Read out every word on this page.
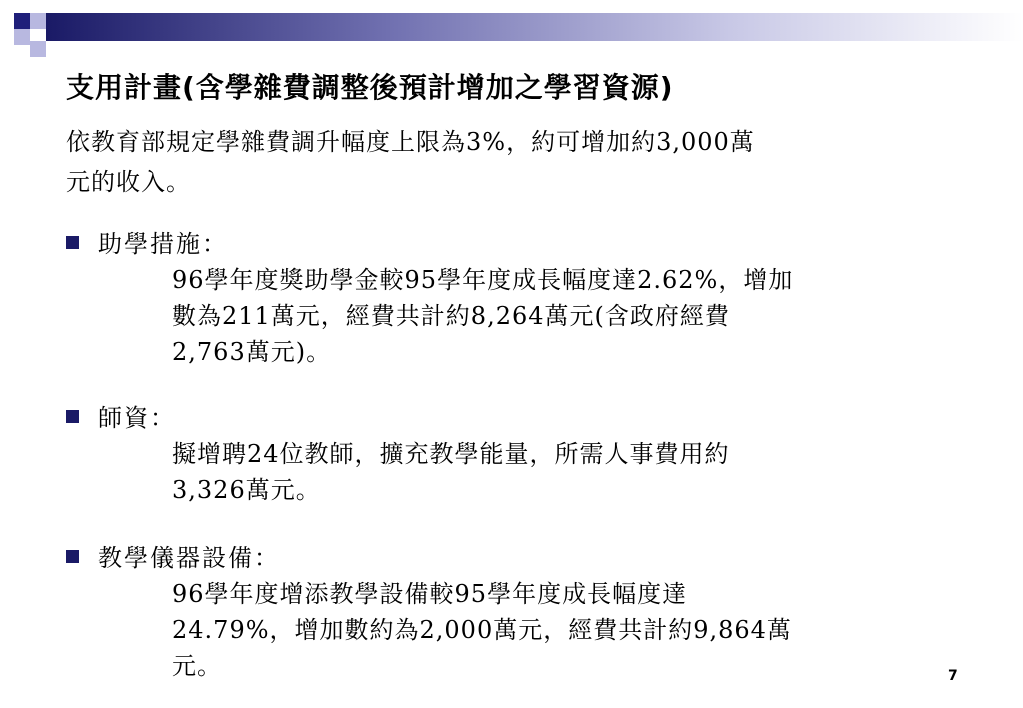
支用計畫(含學雜費調整後預計增加之學習資源)
依教育部規定學雜費調升幅度上限為3%，約可增加約3,000萬
元的收入。
助學措施：
96學年度獎助學金較95學年度成長幅度達2.62%，增加
數為211萬元，經費共計約8,264萬元(含政府經費
2,763萬元)。
師資：
擬增聘24位教師，擴充教學能量，所需人事費用約
3,326萬元。
教學儀器設備：
96學年度增添教學設備較95學年度成長幅度達
24.79%，增加數約為2,000萬元，經費共計約9,864萬
元。	7
